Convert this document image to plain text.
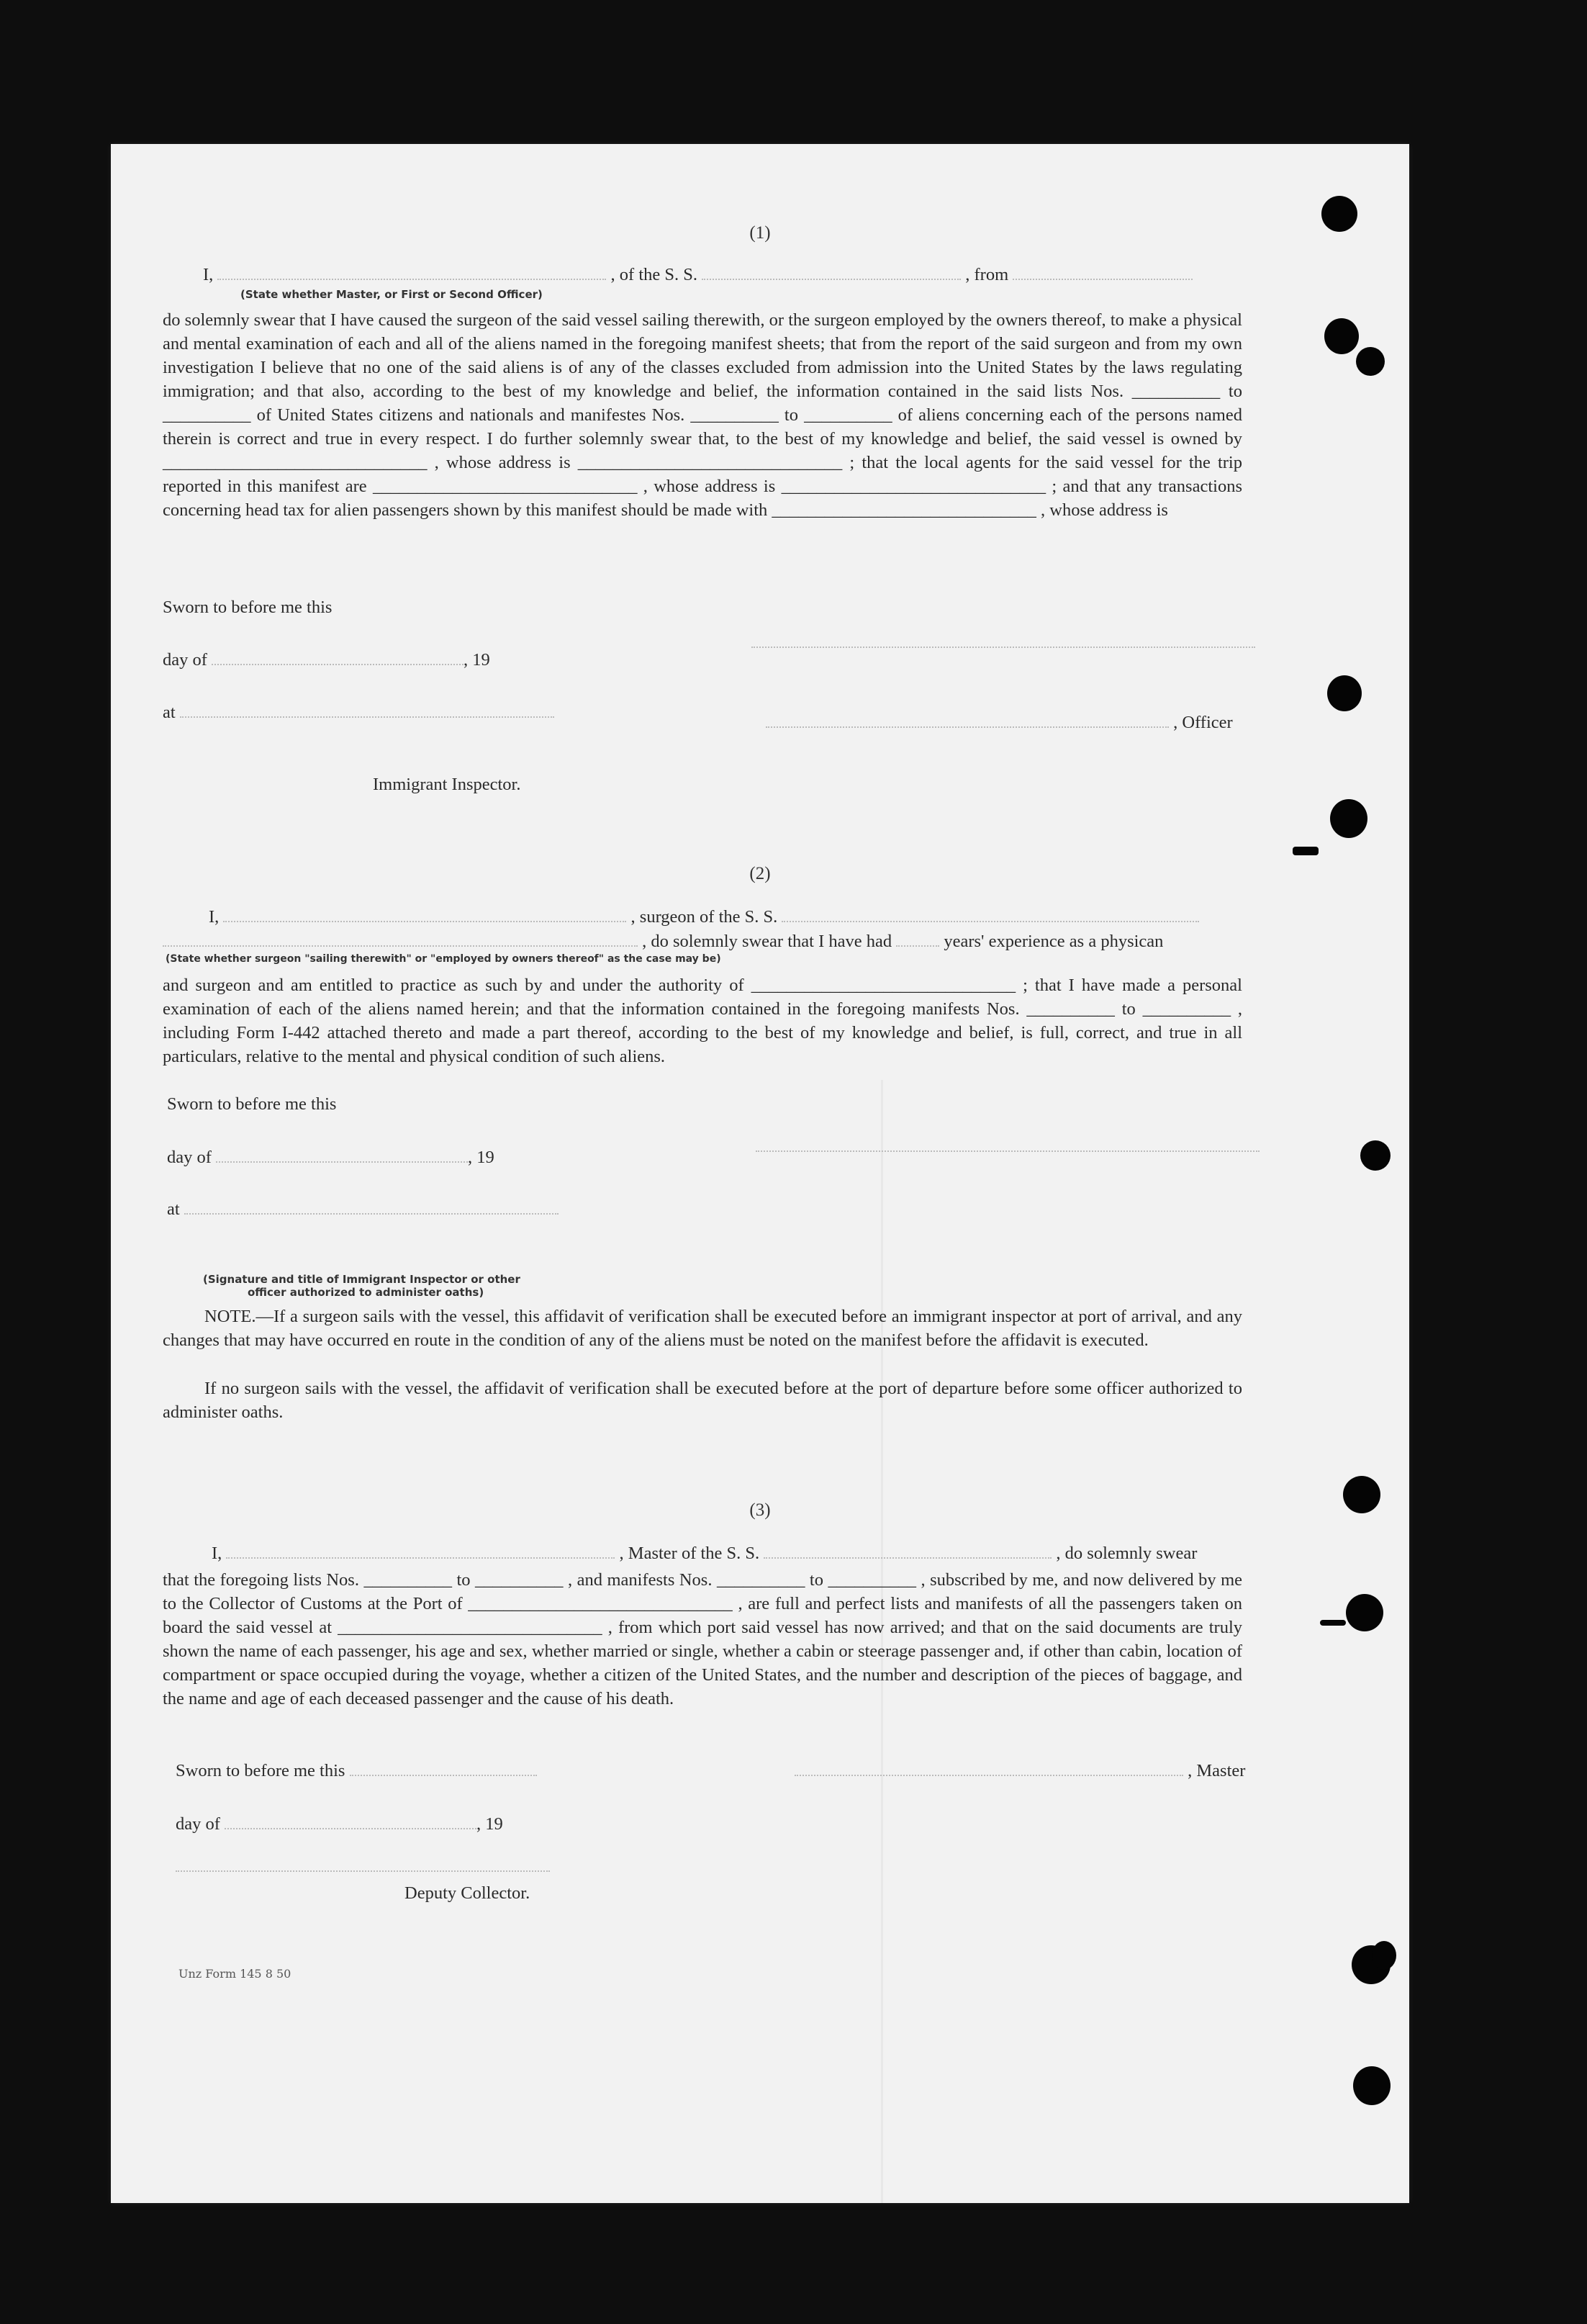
(1)
I,	, of the S. S.	, from
(State whether Master, or First or Second Officer)
do solemnly swear that I have caused the surgeon of the said vessel sailing therewith, or the surgeon employed by the owners thereof, to make a physical and mental examination of each and all of the aliens named in the foregoing manifest sheets; that from the report of the said surgeon and from my own investigation I believe that no one of the said aliens is of any of the classes excluded from admission into the United States by the laws regulating immigration; and that also, according to the best of my knowledge and belief, the information contained in the said lists Nos. __________ to __________ of United States citizens and nationals and manifestes Nos. __________ to __________ of aliens concerning each of the persons named therein is correct and true in every respect. I do further solemnly swear that, to the best of my knowledge and belief, the said vessel is owned by ______________________________ , whose address is ______________________________ ; that the local agents for the said vessel for the trip reported in this manifest are ______________________________ , whose address is ______________________________ ; and that any transactions concerning head tax for alien passengers shown by this manifest should be made with ______________________________ , whose address is
Sworn to before me this
day of	, 19
at
, Officer
Immigrant Inspector.
(2)
I,	, surgeon of the S. S.
, do solemnly swear that I have had	years' experience as a physican
(State whether surgeon "sailing therewith" or "employed by owners thereof" as the case may be)
and surgeon and am entitled to practice as such by and under the authority of ______________________________ ; that I have made a personal examination of each of the aliens named herein; and that the information contained in the foregoing manifests Nos. __________ to __________ , including Form I-442 attached thereto and made a part thereof, according to the best of my knowledge and belief, is full, correct, and true in all particulars, relative to the mental and physical condition of such aliens.
Sworn to before me this
day of	, 19
at
(Signature and title of Immigrant Inspector or other
officer authorized to administer oaths)
NOTE.—If a surgeon sails with the vessel, this affidavit of verification shall be executed before an immigrant inspector at port of arrival, and any changes that may have occurred en route in the condition of any of the aliens must be noted on the manifest before the affidavit is executed.
If no surgeon sails with the vessel, the affidavit of verification shall be executed before at the port of departure before some officer authorized to administer oaths.
(3)
I,	, Master of the S. S.	, do solemnly swear
that the foregoing lists Nos. __________ to __________ , and manifests Nos. __________ to __________ , subscribed by me, and now delivered by me to the Collector of Customs at the Port of ______________________________ , are full and perfect lists and manifests of all the passengers taken on board the said vessel at ______________________________ , from which port said vessel has now arrived; and that on the said documents are truly shown the name of each passenger, his age and sex, whether married or single, whether a cabin or steerage passenger and, if other than cabin, location of compartment or space occupied during the voyage, whether a citizen of the United States, and the number and description of the pieces of baggage, and the name and age of each deceased passenger and the cause of his death.
Sworn to before me this	, Master
day of	, 19
Deputy Collector.
Unz Form 145 8 50
